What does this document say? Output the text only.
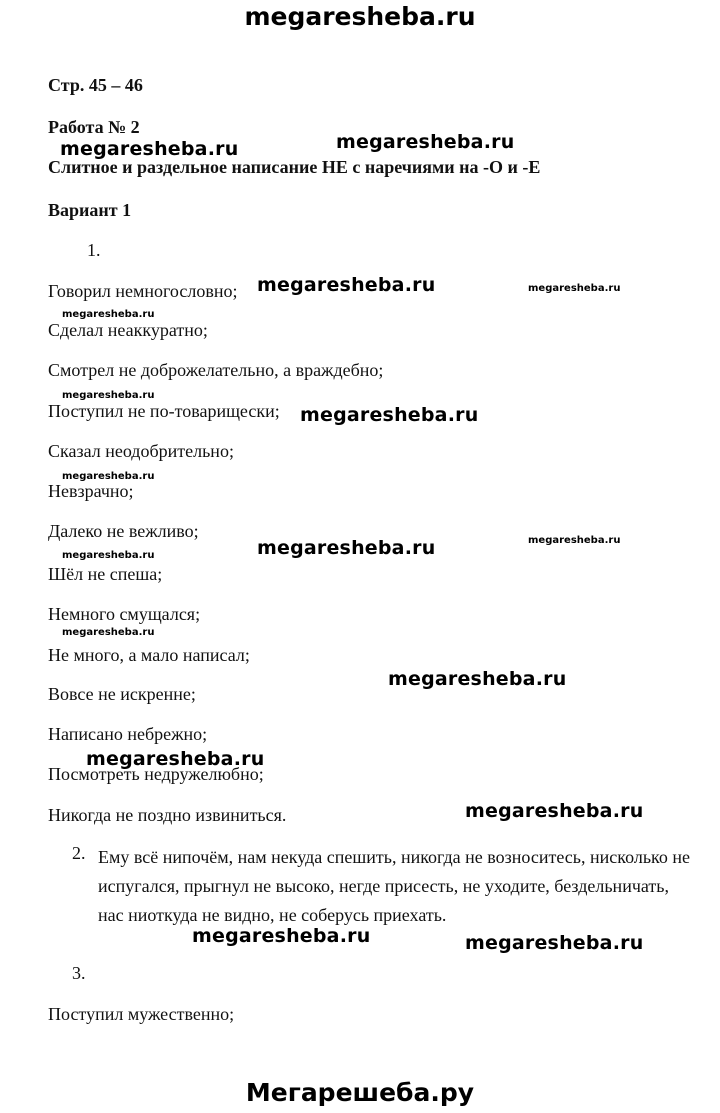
megaresheba.ru
Мегарешеба.ру
Стр. 45 – 46
Работа № 2
Слитное и раздельное написание НЕ с наречиями на -О и -Е
Вариант 1
1.
Говорил немногословно;
Сделал неаккуратно;
Смотрел не доброжелательно, а враждебно;
Поступил не по-товарищески;
Сказал неодобрительно;
Невзрачно;
Далеко не вежливо;
Шёл не спеша;
Немного смущался;
Не много, а мало написал;
Вовсе не искренне;
Написано небрежно;
Посмотреть недружелюбно;
Никогда не поздно извиниться.
2. Ему всё нипочём, нам некуда спешить, никогда не возноситесь, нисколько не испугался, прыгнул не высоко, негде присесть, не уходите, бездельничать, нас ниоткуда не видно, не соберусь приехать.
3.
Поступил мужественно;
megaresheba.ru	megaresheba.ru
megaresheba.ru	megaresheba.ru
megaresheba.ru
megaresheba.ru
megaresheba.ru
megaresheba.ru
megaresheba.ru	megaresheba.ru
megaresheba.ru
megaresheba.ru
megaresheba.ru
megaresheba.ru
megaresheba.ru
megaresheba.ru	megaresheba.ru
